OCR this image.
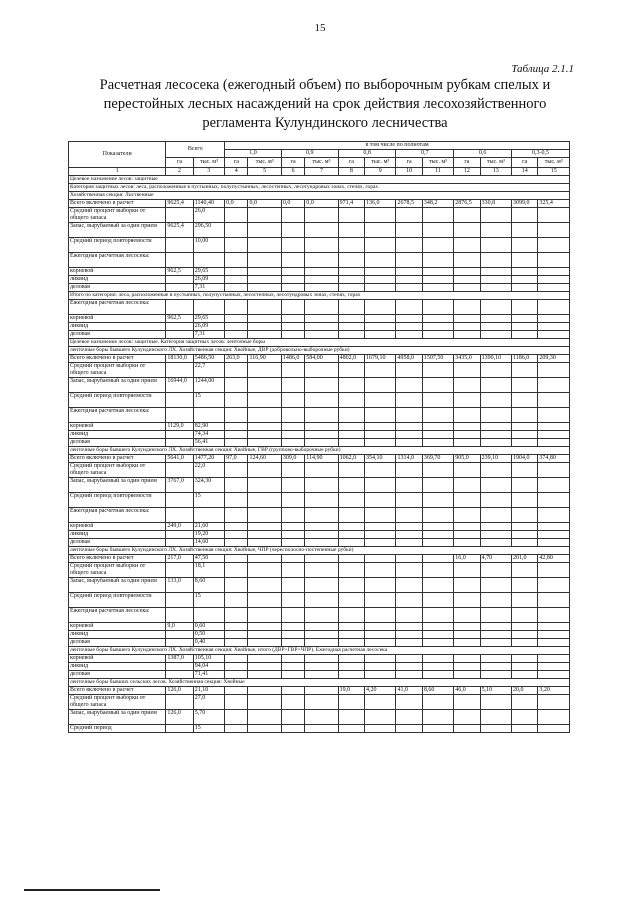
15
Таблица 2.1.1
Расчетная лесосека (ежегодный объем) по выборочным рубкам спелых и перестойных лесных насаждений на срок действия лесохозяйственного регламента Кулундинского лесничества
Показатели	Всего		в том числе по полнотам											
			1,0		0,9		0,8		0,7		0,6		0,3-0,5	
	га	тыс. м³	га	тыс. м³	га	тыс. м³	га	тыс. м³	га	тыс. м³	га	тыс. м³	га	тыс. м³
1	2	3	4	5	6	7	8	9	10	11	12	13	14	15
Целевое назначение лесов: защитные														
Категория защитных лесов: леса, расположенные в пустынных, полупустынных, лесостепных, лесотундровых зонах, степях, горах														
Хозяйственная секция: Лиственные														
Всего включено в расчет	9625,4	1140,40	0,0	0,0	0,0	0,0	971,4	136,0	2678,5	348,2	2876,5	330,8	3099,0	325,4
Средний процент выборки от общего запаса		26,0												
Запас, вырубаемый за один прием	9625,4	296,50												
Средний период повторяемости		10,00												
Ежегодная расчетная лесосека:														
корневой	962,5	29,65												
ликвид		26,09												
деловая		7,31												
Итого по категории: леса, расположенные в пустынных, полупустынных, лесостепных, лесотундровых зонах, степях, горах														
Ежегодная расчетная лесосека:														
корневой	962,5	29,65												
ликвид		26,09												
деловая		7,31												
Целевое назначение лесов: защитные. Категория защитных лесов: ленточные боры														
ленточные боры бывшего Кулундинского ЛХ. Хозяйственная секция: Хвойные, ДВР (добровольно-выборочные рубки)														
Всего включено в расчет	18130,0	5486,50	263,0	116,90	1486,0	584,00	4802,0	1679,10	4958,0	1507,50	3435,0	1390,10	1186,0	209,30
Средний процент выборки от общего запаса		22,7												
Запас, вырубаемый за один прием	16944,0	1244,00												
Средний период повторяемости		15												
Ежегодная расчетная лесосека:														
корневой	1129,0	82,90												
ликвид		74,34												
деловая		56,41												
ленточные боры бывшего Кулундинского ЛХ. Хозяйственная секция: Хвойные, ГВР (группово-выборочные рубки)														
Всего включено в расчет	5641,0	1477,20	97,0	124,60	309,0	114,90	1062,0	354,10	1314,0	369,70	905,0	239,10	1904,0	374,80
Средний процент выборки от общего запаса		22,0												
Запас, вырубаемый за один прием	3767,0	324,30												
Средний период повторяемости		15												
Ежегодная расчетная лесосека:														
корневой	249,0	21,60												
ликвид		19,20												
деловая		14,60												
ленточные боры бывшего Кулундинского ЛХ. Хозяйственная секция: Хвойные, ЧПР (чересполосно-постепенные рубки)														
Всего включено в расчет	217,0	47,50									16,0	4,70	201,0	42,80
Средний процент выборки от общего запаса		18,1												
Запас, вырубаемый за один прием	133,0	8,60												
Средний период повторяемости		15												
Ежегодная расчетная лесосека:														
корневой	9,0	0,60												
ликвид		0,50												
деловая		0,40												
ленточные боры бывшего Кулундинского ЛХ. Хозяйственная секция: Хвойные, итого (ДВР+ГВР+ЧПР). Ежегодная расчетная лесосека														
корневой	1387,0	105,10												
ликвид		94,04												
деловая		71,41												
ленточные боры бывших сельских лесов. Хозяйственная секция: Хвойные														
Всего включено в расчет	126,0	21,10					19,0	4,20	41,0	8,60	46,0	5,10	20,0	3,20
Средний процент выборки от общего запаса		27,0												
Запас, вырубаемый за один прием	126,0	5,70												
Средний период		15												
